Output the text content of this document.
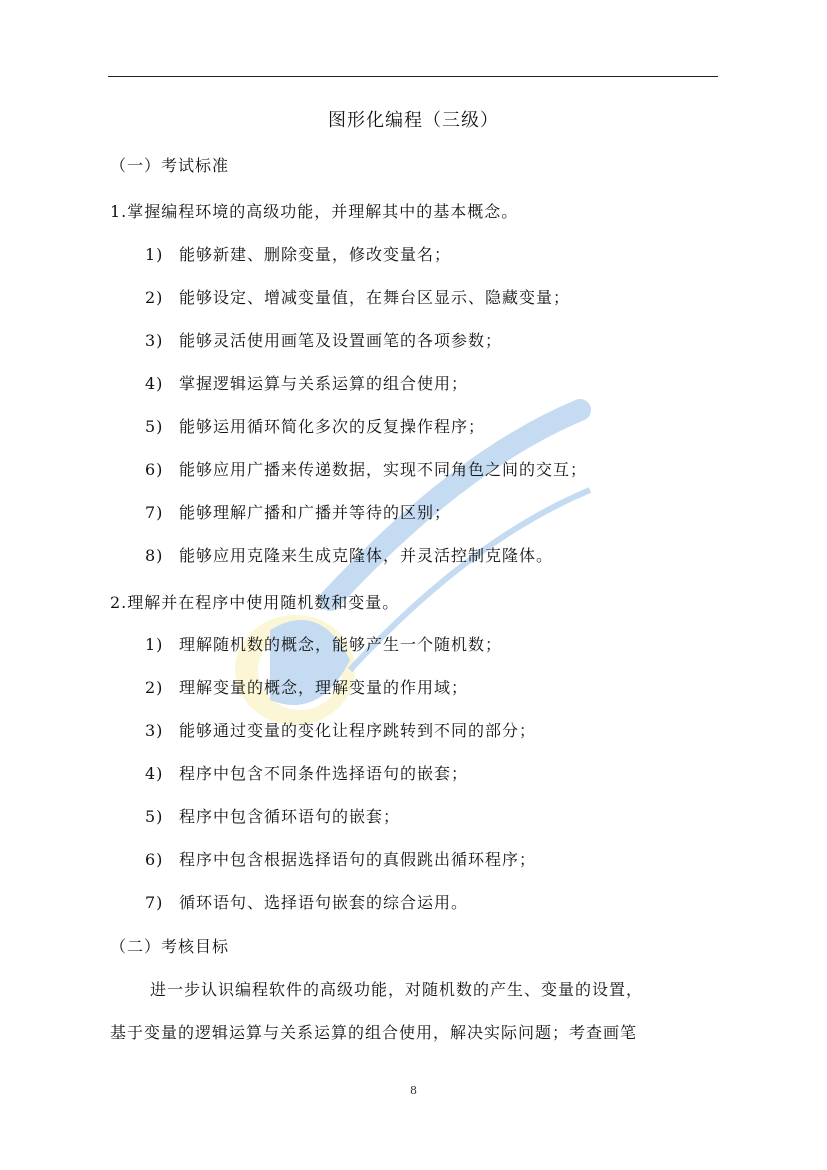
图形化编程（三级）
（一）考试标准
1.掌握编程环境的高级功能，并理解其中的基本概念。
1) 能够新建、删除变量，修改变量名；
2) 能够设定、增减变量值，在舞台区显示、隐藏变量；
3) 能够灵活使用画笔及设置画笔的各项参数；
4) 掌握逻辑运算与关系运算的组合使用；
5) 能够运用循环简化多次的反复操作程序；
6) 能够应用广播来传递数据，实现不同角色之间的交互；
7) 能够理解广播和广播并等待的区别；
8) 能够应用克隆来生成克隆体，并灵活控制克隆体。
2.理解并在程序中使用随机数和变量。
1) 理解随机数的概念，能够产生一个随机数；
2) 理解变量的概念，理解变量的作用域；
3) 能够通过变量的变化让程序跳转到不同的部分；
4) 程序中包含不同条件选择语句的嵌套；
5) 程序中包含循环语句的嵌套；
6) 程序中包含根据选择语句的真假跳出循环程序；
7) 循环语句、选择语句嵌套的综合运用。
（二）考核目标
进一步认识编程软件的高级功能，对随机数的产生、变量的设置，
基于变量的逻辑运算与关系运算的组合使用，解决实际问题；考查画笔
8
